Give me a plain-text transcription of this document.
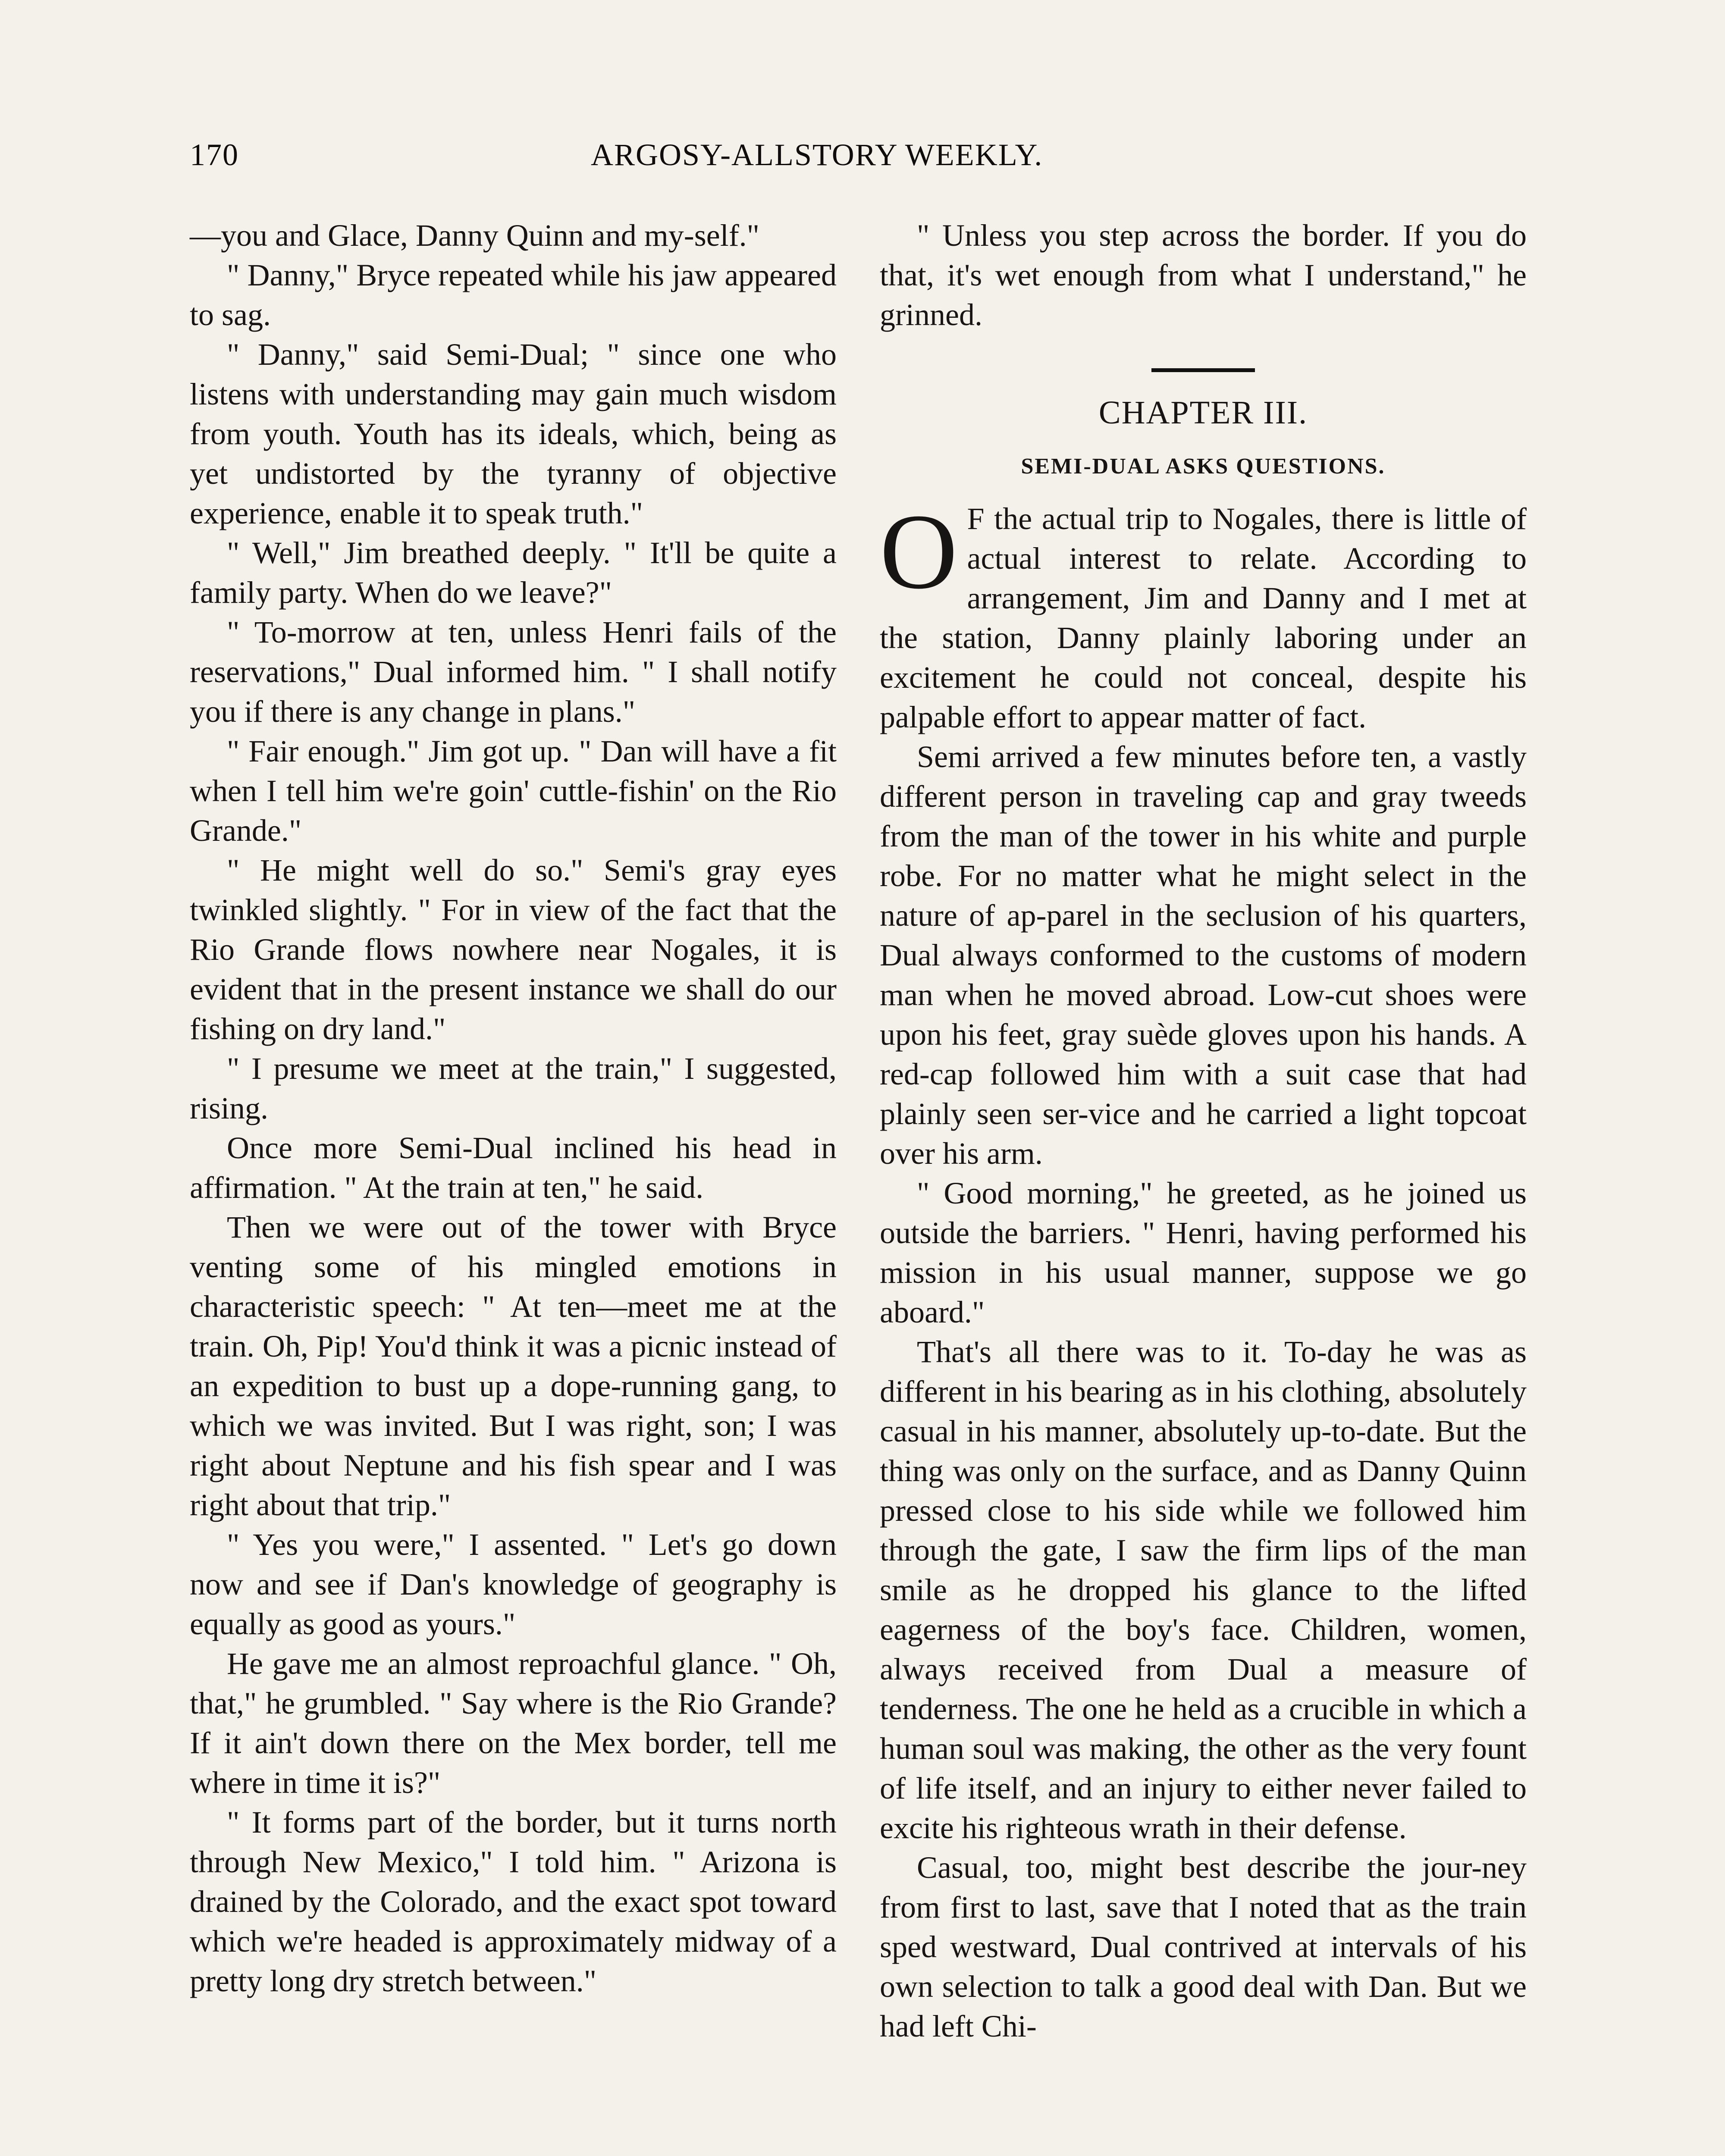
170	ARGOSY-ALLSTORY WEEKLY.

—you and Glace, Danny Quinn and my-self."

" Danny," Bryce repeated while his jaw appeared to sag.

" Danny," said Semi-Dual; " since one who listens with understanding may gain much wisdom from youth. Youth has its ideals, which, being as yet undistorted by the tyranny of objective experience, enable it to speak truth."

" Well," Jim breathed deeply. " It'll be quite a family party. When do we leave?"

" To-morrow at ten, unless Henri fails of the reservations," Dual informed him. " I shall notify you if there is any change in plans."

" Fair enough." Jim got up. " Dan will have a fit when I tell him we're goin' cuttle-fishin' on the Rio Grande."

" He might well do so." Semi's gray eyes twinkled slightly. " For in view of the fact that the Rio Grande flows nowhere near Nogales, it is evident that in the present instance we shall do our fishing on dry land."

" I presume we meet at the train," I suggested, rising.

Once more Semi-Dual inclined his head in affirmation. " At the train at ten," he said.

Then we were out of the tower with Bryce venting some of his mingled emotions in characteristic speech: " At ten—meet me at the train. Oh, Pip! You'd think it was a picnic instead of an expedition to bust up a dope-running gang, to which we was invited. But I was right, son; I was right about Neptune and his fish spear and I was right about that trip."

" Yes you were," I assented. " Let's go down now and see if Dan's knowledge of geography is equally as good as yours."

He gave me an almost reproachful glance. " Oh, that," he grumbled. " Say where is the Rio Grande? If it ain't down there on the Mex border, tell me where in time it is?"

" It forms part of the border, but it turns north through New Mexico," I told him. " Arizona is drained by the Colorado, and the exact spot toward which we're headed is approximately midway of a pretty long dry stretch between."

" Unless you step across the border. If you do that, it's wet enough from what I understand," he grinned.

CHAPTER III.
SEMI-DUAL ASKS QUESTIONS.

O F the actual trip to Nogales, there is little of actual interest to relate. According to arrangement, Jim and Danny and I met at the station, Danny plainly laboring under an excitement he could not conceal, despite his palpable effort to appear matter of fact.

Semi arrived a few minutes before ten, a vastly different person in traveling cap and gray tweeds from the man of the tower in his white and purple robe. For no matter what he might select in the nature of ap-parel in the seclusion of his quarters, Dual always conformed to the customs of modern man when he moved abroad. Low-cut shoes were upon his feet, gray suède gloves upon his hands. A red-cap followed him with a suit case that had plainly seen ser-vice and he carried a light topcoat over his arm.

" Good morning," he greeted, as he joined us outside the barriers. " Henri, having performed his mission in his usual manner, suppose we go aboard."

That's all there was to it. To-day he was as different in his bearing as in his clothing, absolutely casual in his manner, absolutely up-to-date. But the thing was only on the surface, and as Danny Quinn pressed close to his side while we followed him through the gate, I saw the firm lips of the man smile as he dropped his glance to the lifted eagerness of the boy's face. Children, women, always received from Dual a measure of tenderness. The one he held as a crucible in which a human soul was making, the other as the very fount of life itself, and an injury to either never failed to excite his righteous wrath in their defense.

Casual, too, might best describe the jour-ney from first to last, save that I noted that as the train sped westward, Dual contrived at intervals of his own selection to talk a good deal with Dan. But we had left Chi-
